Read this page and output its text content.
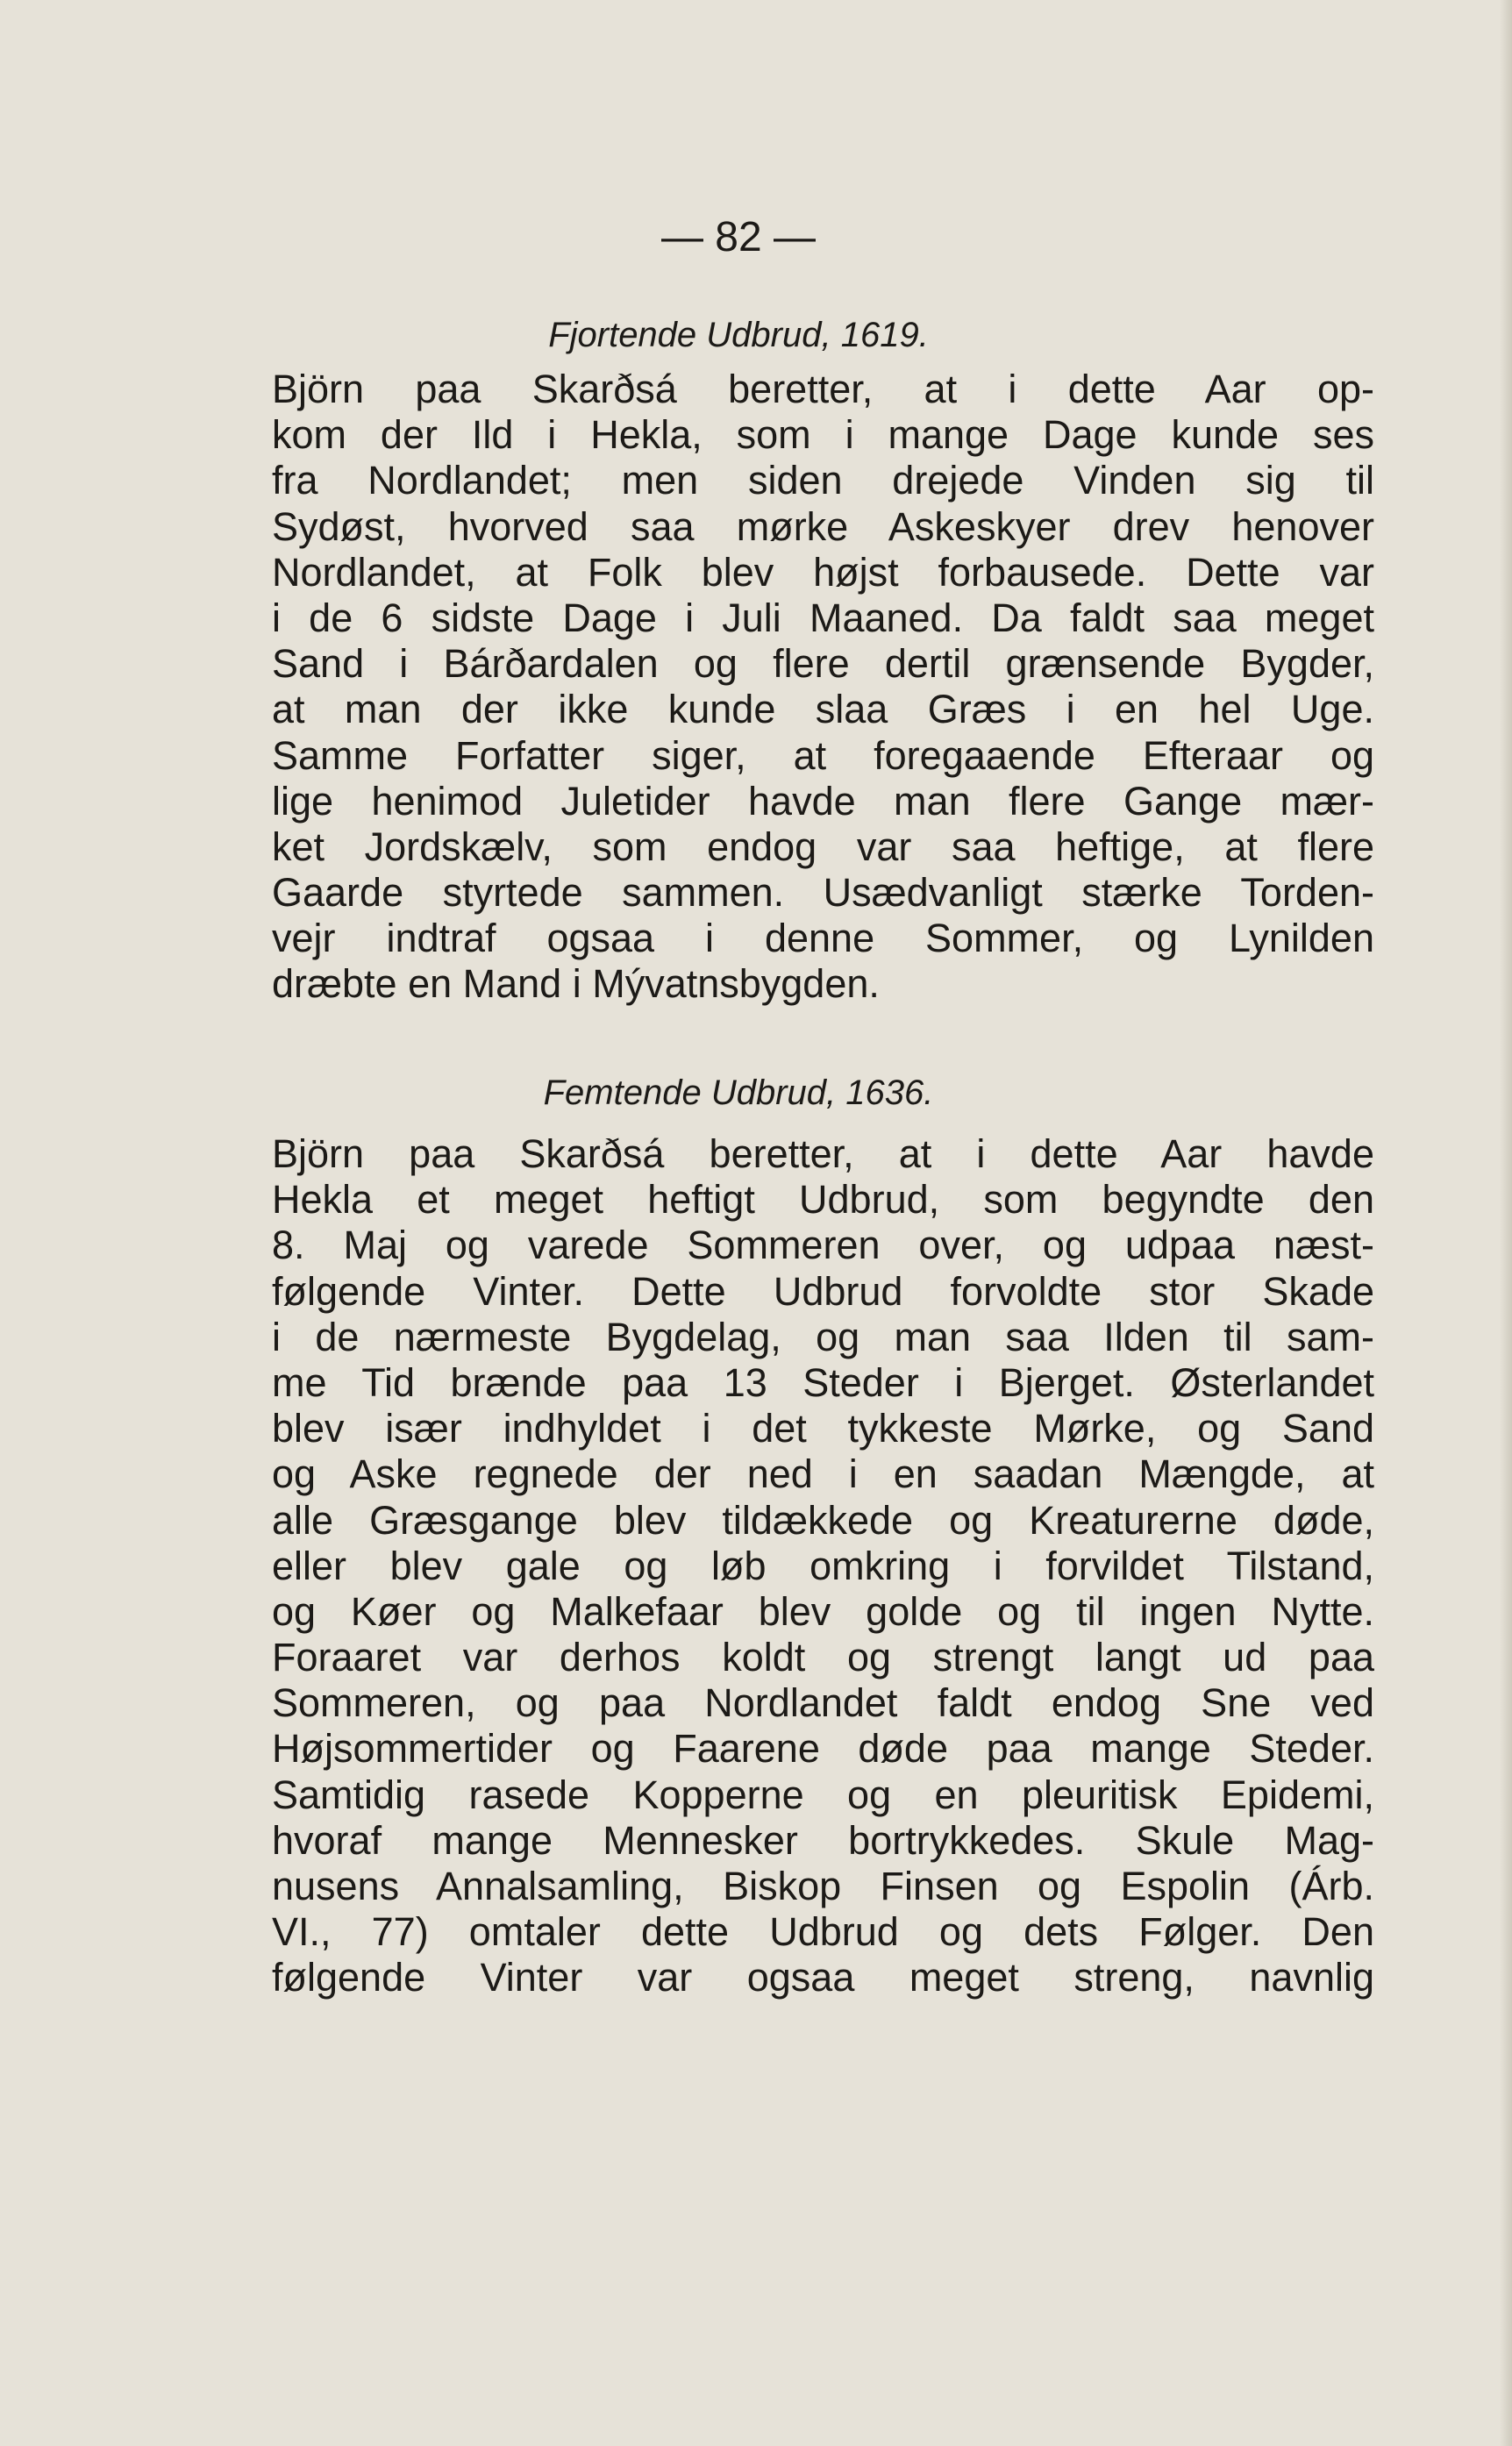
— 82 —
Fjortende Udbrud, 1619.
Björn paa Skarðsá beretter, at i dette Aar op-
kom der Ild i Hekla, som i mange Dage kunde ses
fra Nordlandet; men siden drejede Vinden sig til
Sydøst, hvorved saa mørke Askeskyer drev henover
Nordlandet, at Folk blev højst forbausede. Dette var
i de 6 sidste Dage i Juli Maaned. Da faldt saa meget
Sand i Bárðardalen og flere dertil grænsende Bygder,
at man der ikke kunde slaa Græs i en hel Uge.
Samme Forfatter siger, at foregaaende Efteraar og
lige henimod Juletider havde man flere Gange mær-
ket Jordskælv, som endog var saa heftige, at flere
Gaarde styrtede sammen. Usædvanligt stærke Torden-
vejr indtraf ogsaa i denne Sommer, og Lynilden
dræbte en Mand i Mývatnsbygden.
Femtende Udbrud, 1636.
Björn paa Skarðsá beretter, at i dette Aar havde
Hekla et meget heftigt Udbrud, som begyndte den
8. Maj og varede Sommeren over, og udpaa næst-
følgende Vinter. Dette Udbrud forvoldte stor Skade
i de nærmeste Bygdelag, og man saa Ilden til sam-
me Tid brænde paa 13 Steder i Bjerget. Østerlandet
blev især indhyldet i det tykkeste Mørke, og Sand
og Aske regnede der ned i en saadan Mængde, at
alle Græsgange blev tildækkede og Kreaturerne døde,
eller blev gale og løb omkring i forvildet Tilstand,
og Køer og Malkefaar blev golde og til ingen Nytte.
Foraaret var derhos koldt og strengt langt ud paa
Sommeren, og paa Nordlandet faldt endog Sne ved
Højsommertider og Faarene døde paa mange Steder.
Samtidig rasede Kopperne og en pleuritisk Epidemi,
hvoraf mange Mennesker bortrykkedes. Skule Mag-
nusens Annalsamling, Biskop Finsen og Espolin (Árb.
VI., 77) omtaler dette Udbrud og dets Følger. Den
følgende Vinter var ogsaa meget streng, navnlig
